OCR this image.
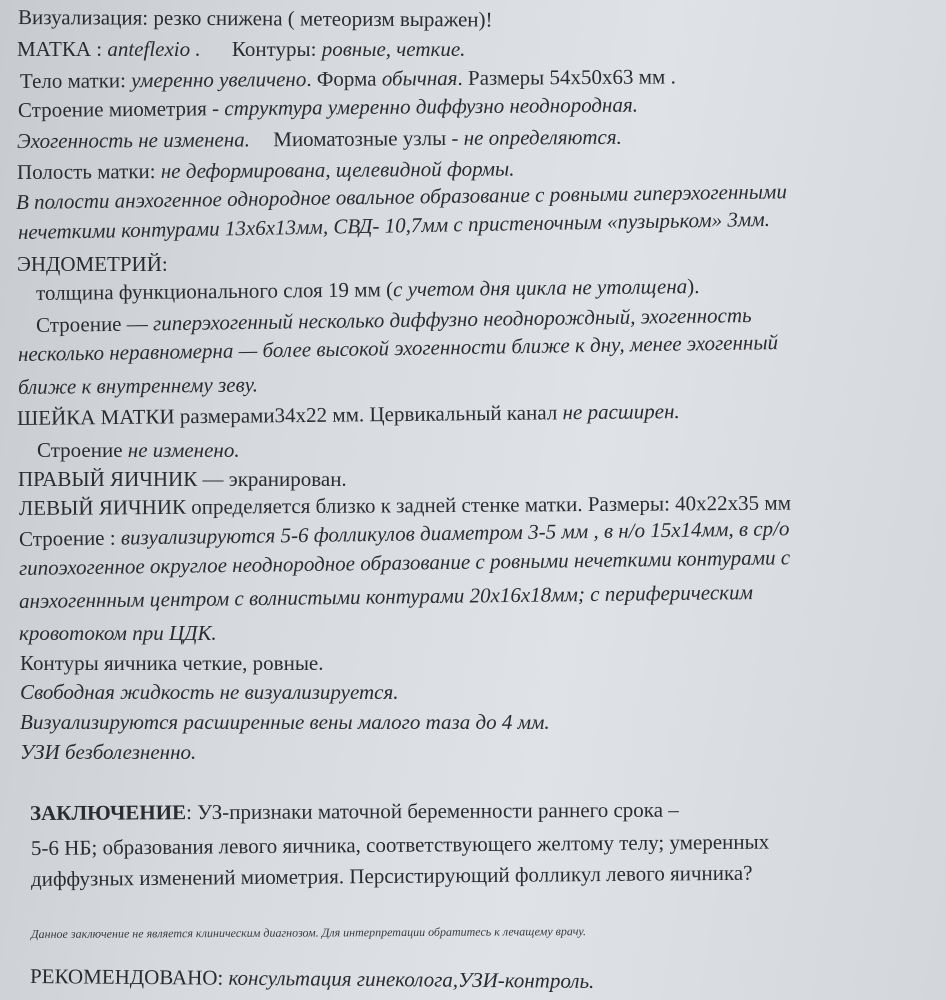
Визуализация: резко снижена ( метеоризм выражен)!
МАТКА : anteflexio . Контуры: ровные, четкие.
Тело матки: умеренно увеличено. Форма обычная. Размеры 54x50x63 мм .
Строение миометрия - структура умеренно диффузно неоднородная.
Эхогенность не изменена. Миоматозные узлы - не определяются.
Полость матки: не деформирована, щелевидной формы.
В полости анэхогенное однородное овальное образование с ровными гиперэхогенными
нечеткими контурами 13x6x13мм, СВД- 10,7мм с пристеночным «пузырьком» 3мм.
ЭНДОМЕТРИЙ:
толщина функционального слоя 19 мм (с учетом дня цикла не утолщена).
Строение — гиперэхогенный несколько диффузно неоднорождный, эхогенность
несколько неравномерна — более высокой эхогенности ближе к дну, менее эхогенный
ближе к внутреннему зеву.
ШЕЙКА МАТКИ размерами34x22 мм. Цервикальный канал не расширен.
Строение не изменено.
ПРАВЫЙ ЯИЧНИК — экранирован.
ЛЕВЫЙ ЯИЧНИК определяется близко к задней стенке матки. Размеры: 40x22x35 мм
Строение : визуализируются 5-6 фолликулов диаметром 3-5 мм , в н/о 15x14мм, в ср/о
гипоэхогенное округлое неоднородное образование с ровными нечеткими контурами с
анэхогеннным центром с волнистыми контурами 20x16x18мм; с периферическим
кровотоком при ЦДК.
Контуры яичника четкие, ровные.
Свободная жидкость не визуализируется.
Визуализируются расширенные вены малого таза до 4 мм.
УЗИ безболезненно.
ЗАКЛЮЧЕНИЕ: УЗ-признаки маточной беременности раннего срока –
5-6 НБ; образования левого яичника, соответствующего желтому телу; умеренных
диффузных изменений миометрия. Персистирующий фолликул левого яичника?
Данное заключение не является клиническим диагнозом. Для интерпретации обратитесь к лечащему врачу.
РЕКОМЕНДОВАНО: консультация гинеколога,УЗИ-контроль.
